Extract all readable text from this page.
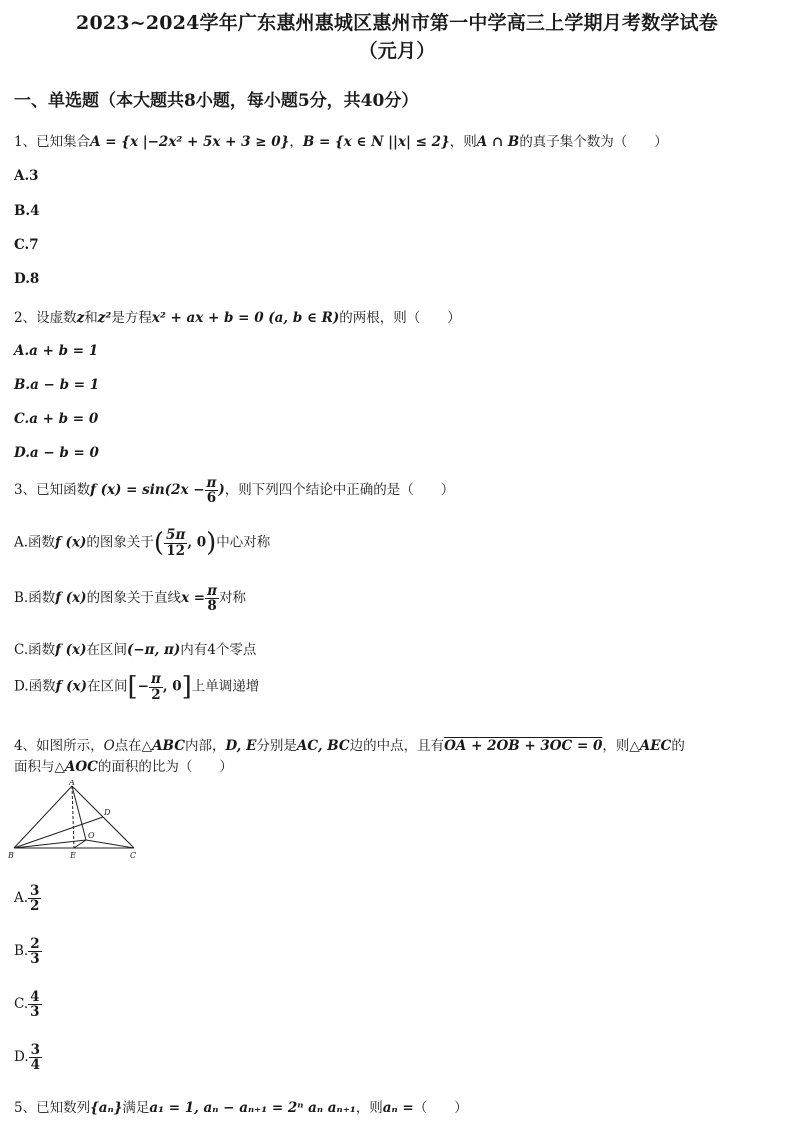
2023~2024学年广东惠州惠城区惠州市第一中学高三上学期月考数学试卷
（元月）
一、单选题（本大题共8小题，每小题5分，共40分）
1、已知集合A = {x |−2x² + 5x + 3 ≥ 0}，B = {x ∈ N ||x| ≤ 2}，则A ∩ B的真子集个数为（　　）
A.3
B.4
C.7
D.8
2、设虚数z和z²是方程x² + ax + b = 0 (a, b ∈ R)的两根，则（　　）
A.a + b = 1
B.a − b = 1
C.a + b = 0
D.a − b = 0
3、已知函数f $(x) = \sin(2x - \frac{\pi}{6}$ )，则下列四个结论中正确的是（　　）
A.函数f (x)的图象关于( $\frac{5\pi}{12}$ , 0)中心对称
B.函数f (x)的图象关于直线$x = \frac{\pi}{8}$ 对称
C.函数f (x)在区间(−π, π)内有4个零点
D.函数f (x)在区间[− $\frac{\pi}{2}$ , 0]上单调递增
4、如图所示，O点在△ABC内部，D, E分别是AC, BC边的中点，且有OA + 2OB + 3OC = 0，则△AEC的
面积与△AOC的面积的比为（　　）
A
B	C
D
E
O
A. $\frac{3}{2}$
B. $\frac{2}{3}$
C. $\frac{4}{3}$
D. $\frac{3}{4}$
5、已知数列{aₙ}满足a₁ = 1, aₙ − aₙ₊₁ = 2ⁿ aₙ aₙ₊₁，则aₙ =（　　）
